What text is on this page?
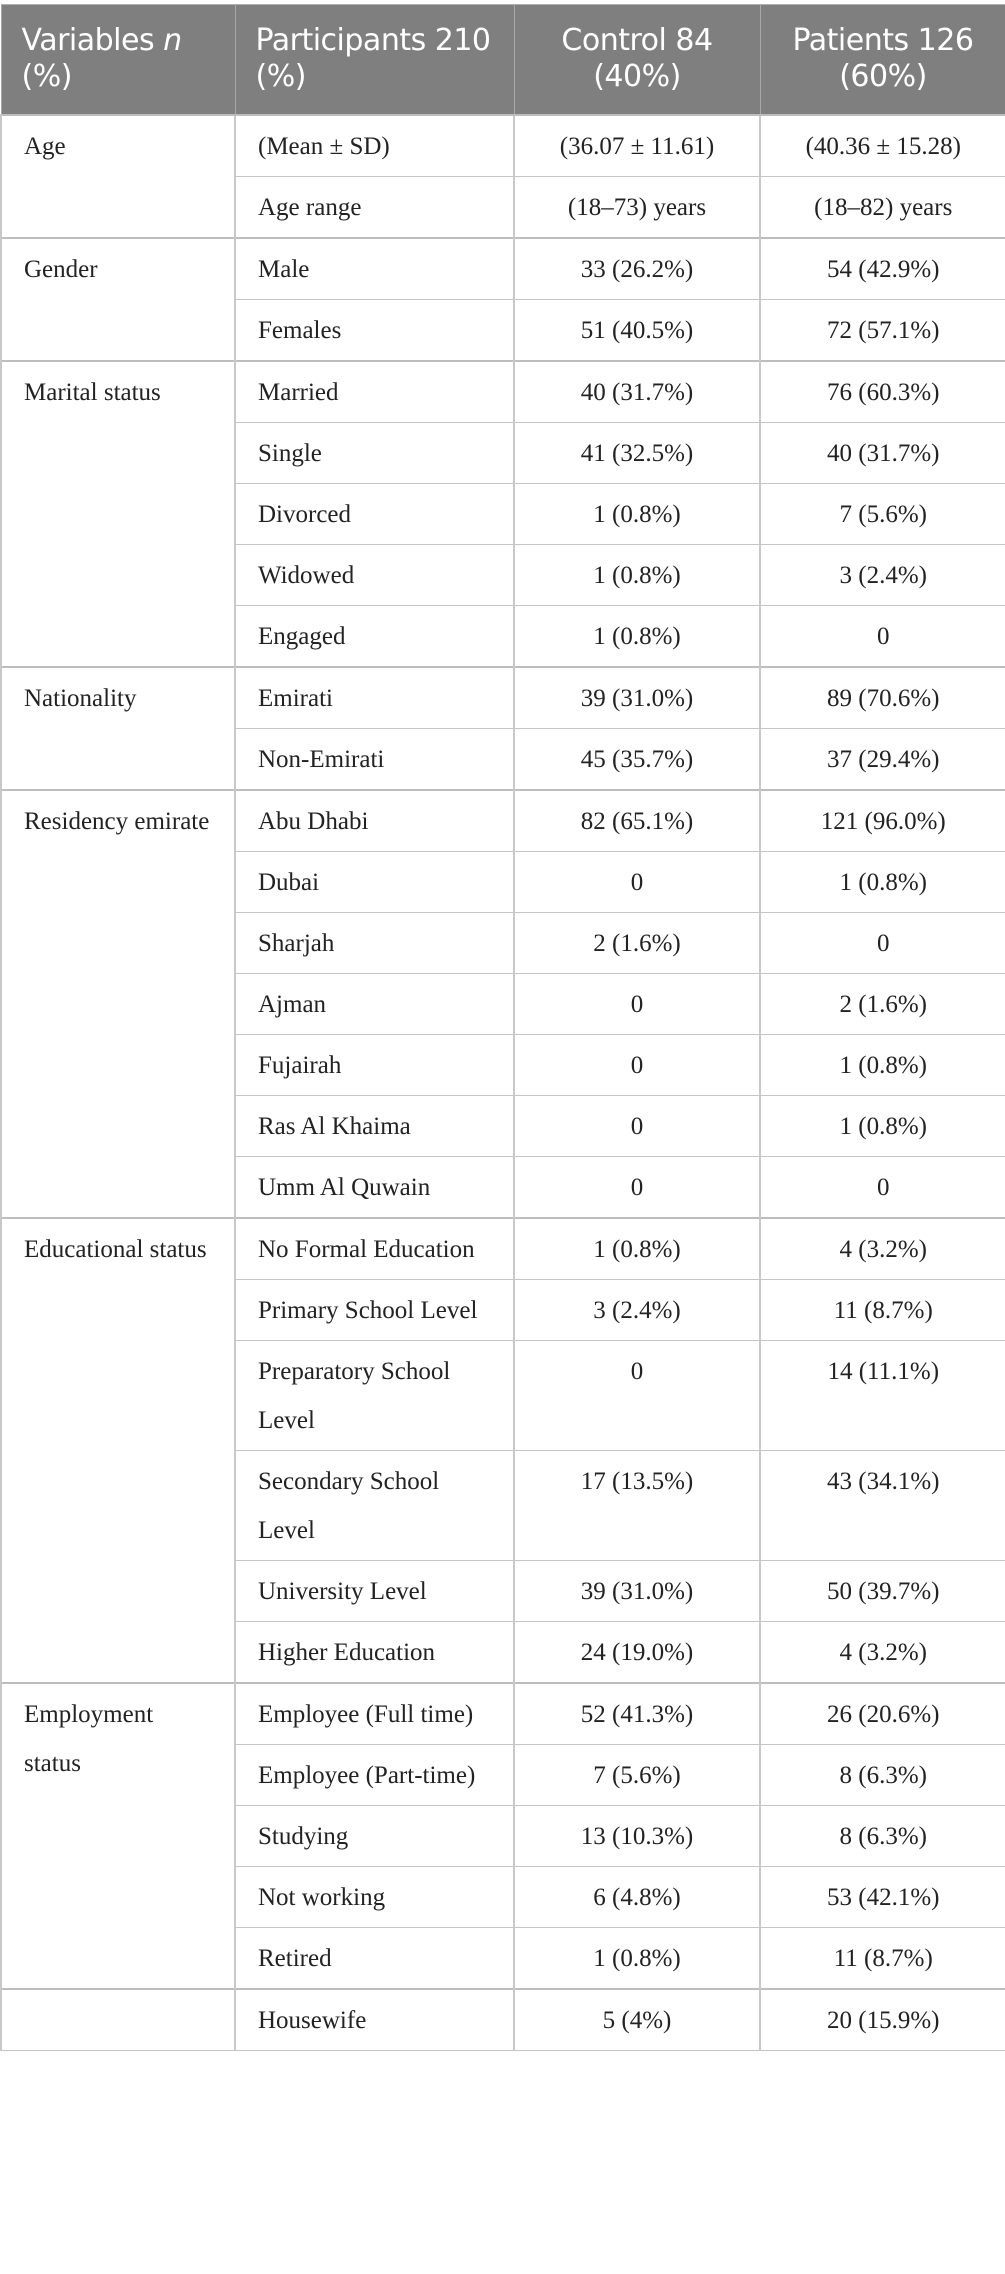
Variables n (%)	Participants 210 (%)	Control 84 (40%)	Patients 126 (60%)
Age	(Mean ± SD)	(36.07 ± 11.61)	(40.36 ± 15.28)
	Age range	(18–73) years	(18–82) years
Gender	Male	33 (26.2%)	54 (42.9%)
	Females	51 (40.5%)	72 (57.1%)
Marital status	Married	40 (31.7%)	76 (60.3%)
	Single	41 (32.5%)	40 (31.7%)
	Divorced	1 (0.8%)	7 (5.6%)
	Widowed	1 (0.8%)	3 (2.4%)
	Engaged	1 (0.8%)	0
Nationality	Emirati	39 (31.0%)	89 (70.6%)
	Non-Emirati	45 (35.7%)	37 (29.4%)
Residency emirate	Abu Dhabi	82 (65.1%)	121 (96.0%)
	Dubai	0	1 (0.8%)
	Sharjah	2 (1.6%)	0
	Ajman	0	2 (1.6%)
	Fujairah	0	1 (0.8%)
	Ras Al Khaima	0	1 (0.8%)
	Umm Al Quwain	0	0
Educational status	No Formal Education	1 (0.8%)	4 (3.2%)
	Primary School Level	3 (2.4%)	11 (8.7%)
	Preparatory School Level	0	14 (11.1%)
	Secondary School Level	17 (13.5%)	43 (34.1%)
	University Level	39 (31.0%)	50 (39.7%)
	Higher Education	24 (19.0%)	4 (3.2%)
Employment status	Employee (Full time)	52 (41.3%)	26 (20.6%)
	Employee (Part-time)	7 (5.6%)	8 (6.3%)
	Studying	13 (10.3%)	8 (6.3%)
	Not working	6 (4.8%)	53 (42.1%)
	Retired	1 (0.8%)	11 (8.7%)
	Housewife	5 (4%)	20 (15.9%)
